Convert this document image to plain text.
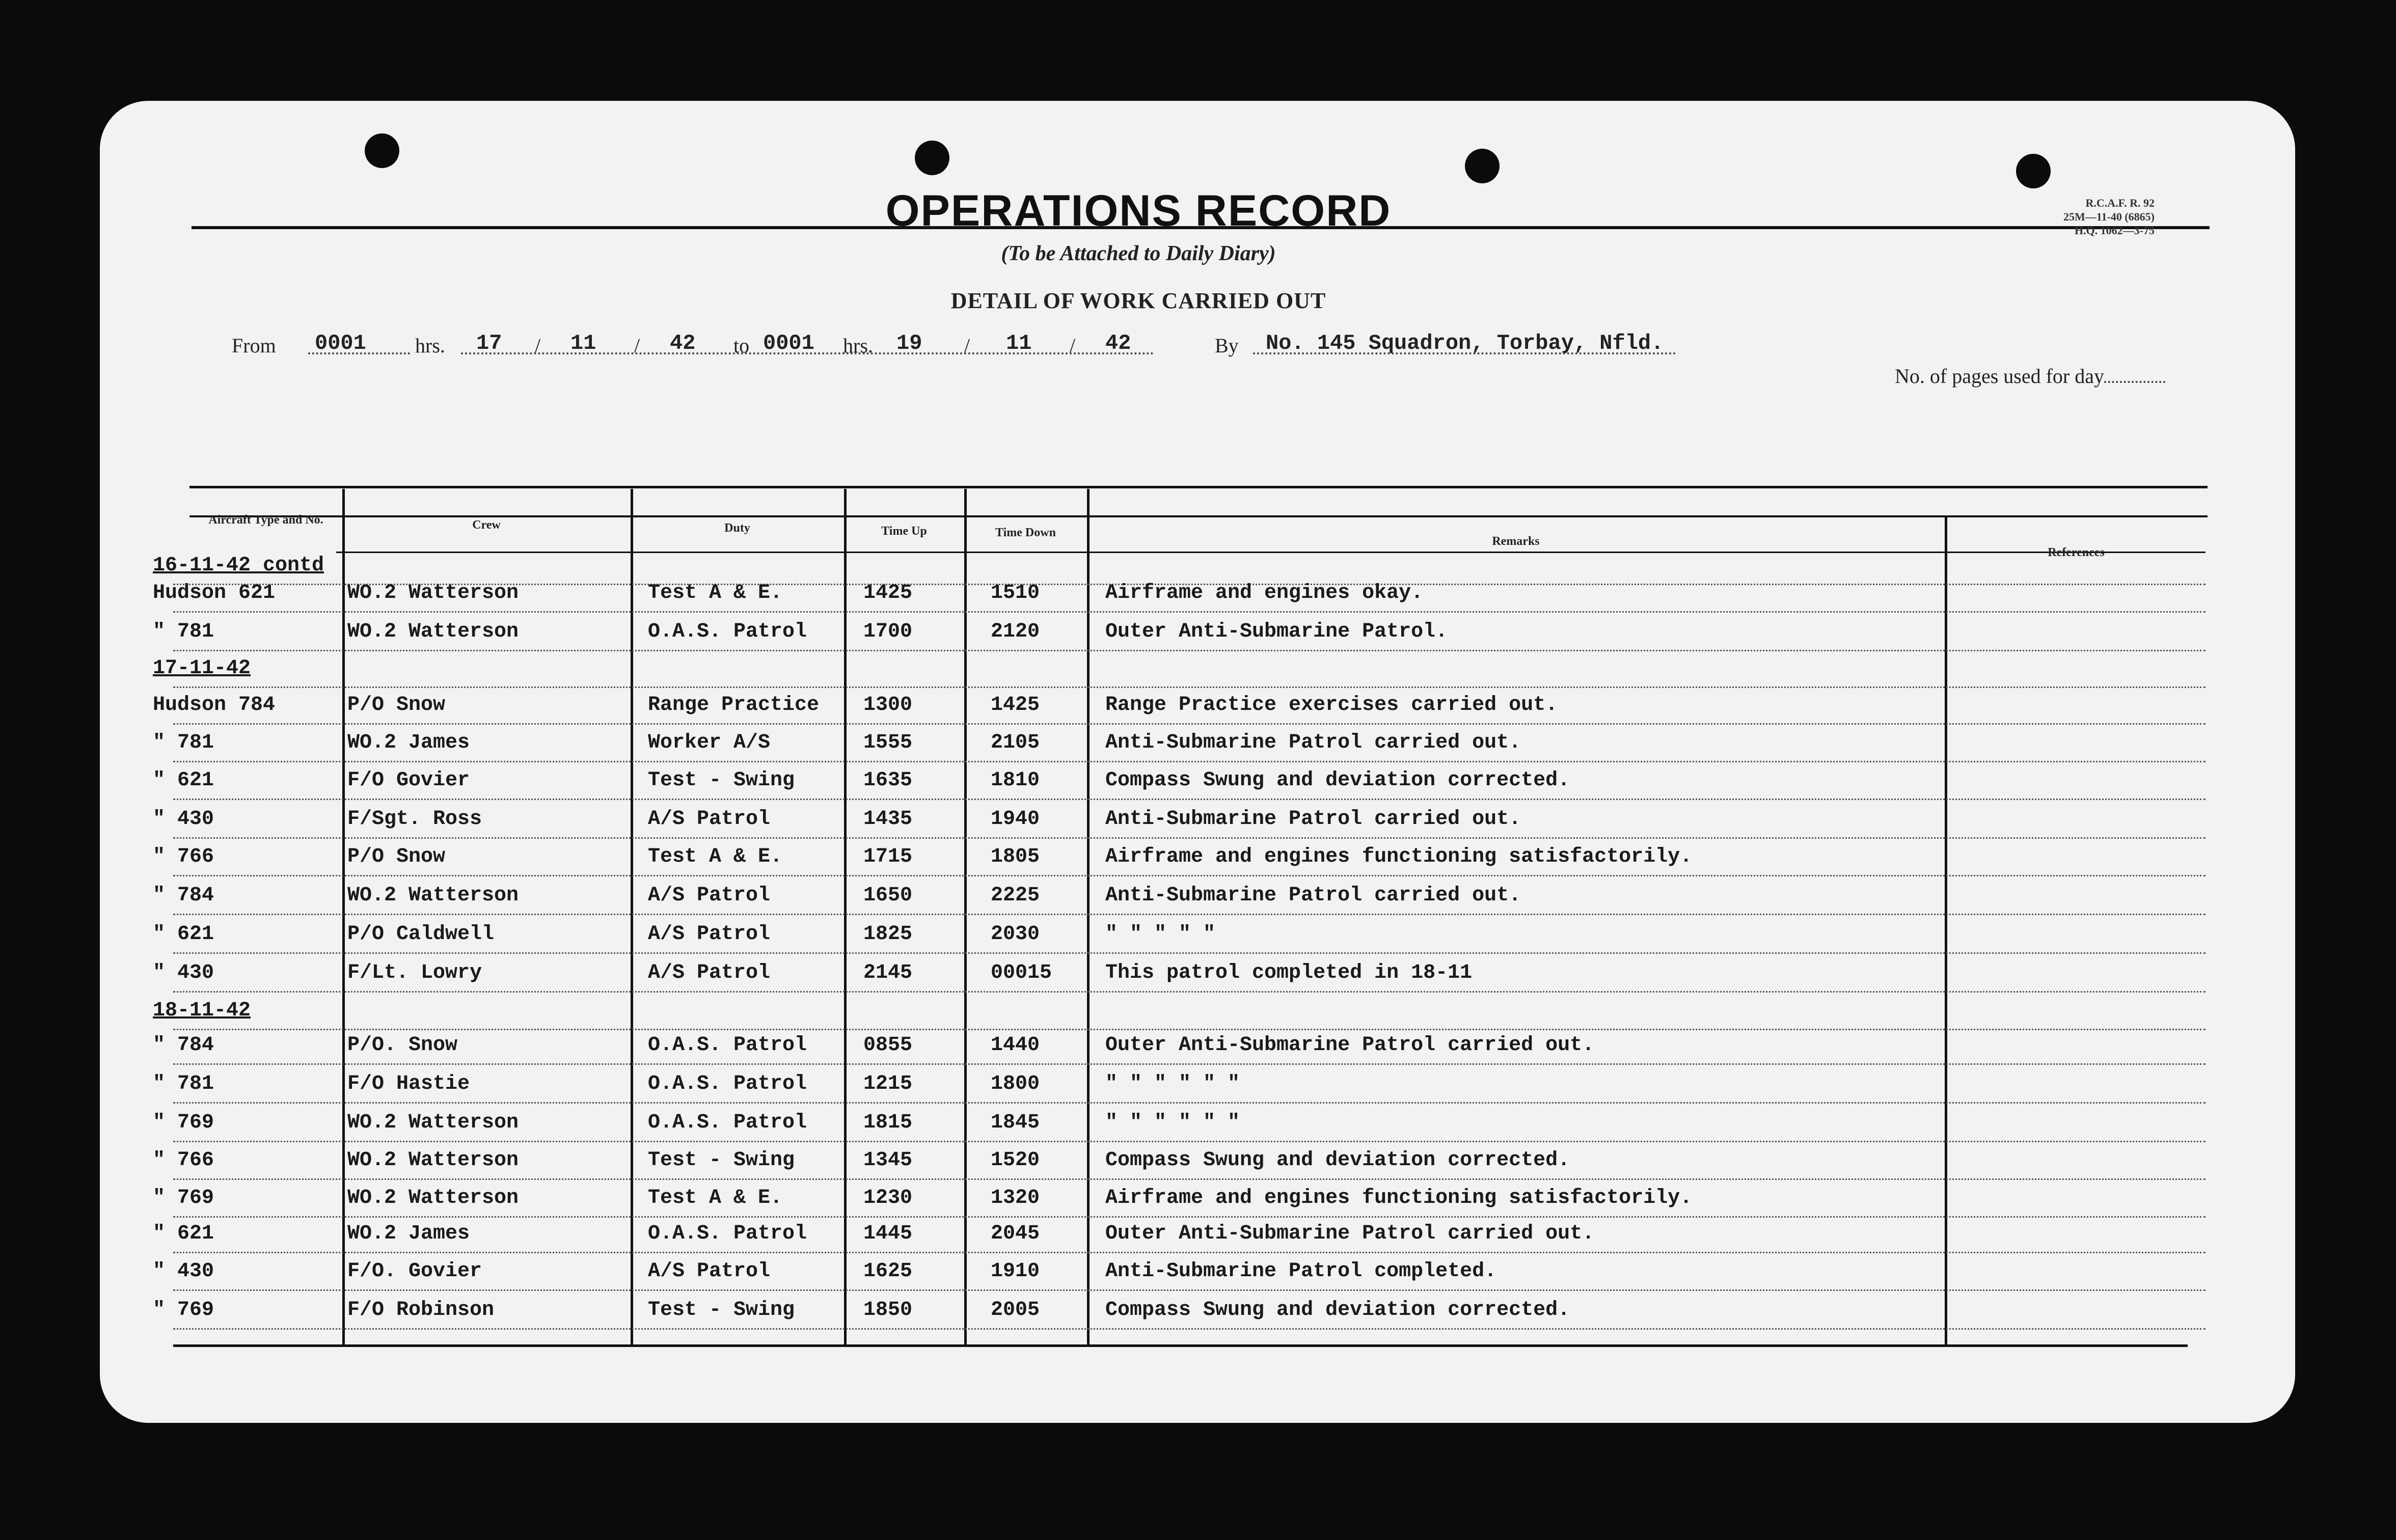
OPERATIONS RECORD
(To be Attached to Daily Diary)
DETAIL OF WORK CARRIED OUT
R.C.A.F. R. 92
25M—11-40 (6865)
H.Q. 1062—3-75
From 0001 hrs. 17 / 11 / 42 to 0001 hrs. 19 / 11 / 42	By No. 145 Squadron, Torbay, Nfld.
No. of pages used for day
Aircraft Type and No.	Crew	Duty	Time Up	Time Down
Remarks
References
16-11-42 contd
Hudson 621	WO.2 Watterson	Test A & E.	1425	1510	Airframe and engines okay.
" 781	WO.2 Watterson	O.A.S. Patrol	1700	2120	Outer Anti-Submarine Patrol.
17-11-42
Hudson 784	P/O Snow	Range Practice 1300	1425	Range Practice exercises carried out.
" 781	WO.2 James	Worker A/S	1555	2105	Anti-Submarine Patrol carried out.
" 621	F/O Govier	Test - Swing	1635	1810	Compass Swung and deviation corrected.
" 430	F/Sgt. Ross	A/S Patrol	1435	1940	Anti-Submarine Patrol carried out.
" 766	P/O Snow	Test A & E.	1715	1805	Airframe and engines functioning satisfactorily.
" 784	WO.2 Watterson	A/S Patrol	1650	2225	Anti-Submarine Patrol carried out.
" 621	P/O Caldwell	A/S Patrol	1825	2030	" " " " "
" 430	F/Lt. Lowry	A/S Patrol	2145	00015	This patrol completed in 18-11
18-11-42
" 784	P/O. Snow	O.A.S. Patrol	0855	1440	Outer Anti-Submarine Patrol carried out.
" 781	F/O Hastie	O.A.S. Patrol	1215	1800	" " " " " "
" 769	WO.2 Watterson	O.A.S. Patrol	1815	1845	" " " " " "
" 766	WO.2 Watterson	Test - Swing	1345	1520	Compass Swung and deviation corrected.
" 769	WO.2 Watterson	Test A & E.	1230	1320	Airframe and engines functioning satisfactorily.
" 621	WO.2 James	O.A.S. Patrol	1445	2045	Outer Anti-Submarine Patrol carried out.
" 430	F/O. Govier	A/S Patrol	1625	1910	Anti-Submarine Patrol completed.
" 769	F/O Robinson	Test - Swing	1850	2005	Compass Swung and deviation corrected.
